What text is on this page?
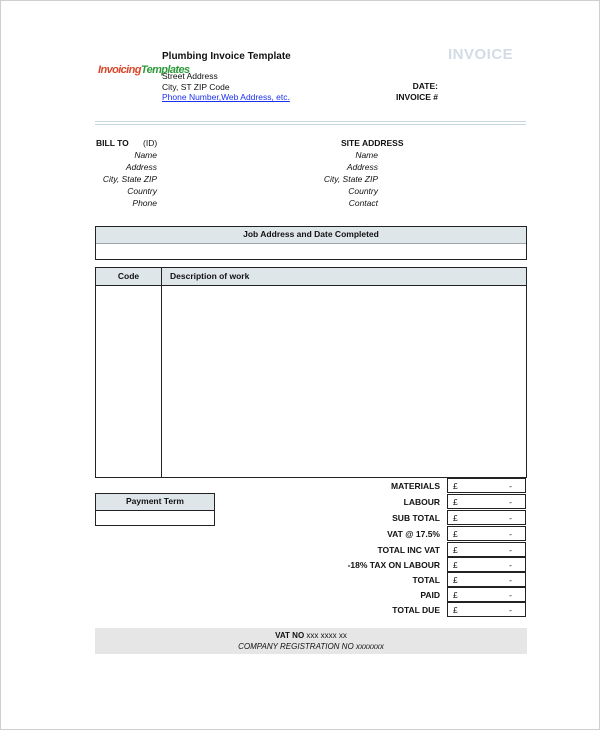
InvoicingTemplates
Plumbing Invoice Template	INVOICE
Street Address
City, ST ZIP Code
Phone Number,Web Address, etc.
DATE:
INVOICE #
BILL TO (ID)
Name
Address
City, State ZIP
Country
Phone
SITE ADDRESS
Name
Address
City, State ZIP
Country
Contact
Job Address and Date Completed
Code	Description of work
Payment Term
MATERIALS £	-
LABOUR £	-
SUB TOTAL £	-
VAT @ 17.5% £	-
TOTAL INC VAT £	-
-18% TAX ON LABOUR £	-
TOTAL £	-
PAID £	-
TOTAL DUE £	-
VAT NO xxx xxxx xx
COMPANY REGISTRATION NO xxxxxxx
